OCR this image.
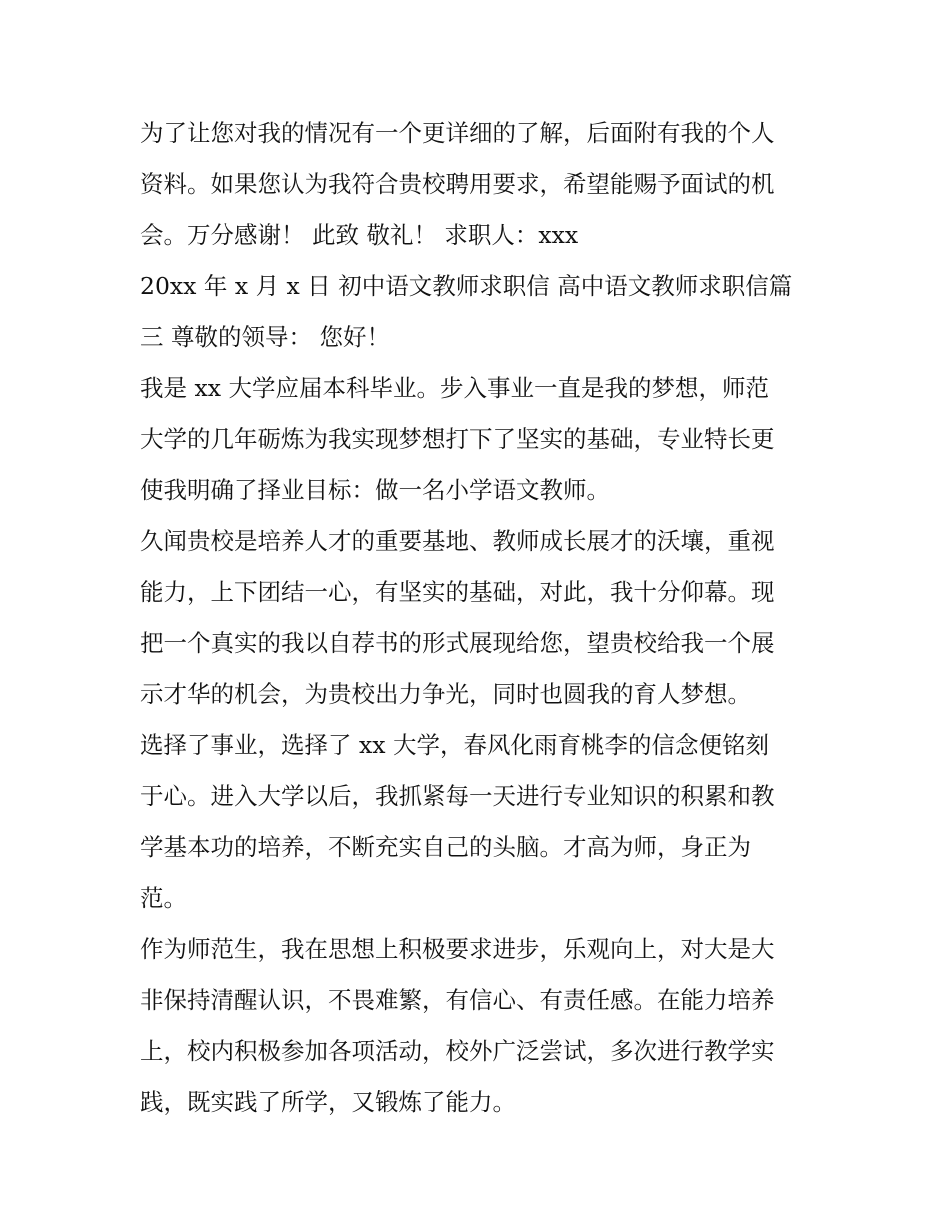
为了让您对我的情况有一个更详细的了解，后面附有我的个人
资料。如果您认为我符合贵校聘用要求，希望能赐予面试的机
会。万分感谢！ 此致 敬礼！ 求职人：xxx
20xx 年 x 月 x 日 初中语文教师求职信 高中语文教师求职信篇
三 尊敬的领导： 您好！
我是 xx 大学应届本科毕业。步入事业一直是我的梦想，师范
大学的几年砺炼为我实现梦想打下了坚实的基础，专业特长更
使我明确了择业目标：做一名小学语文教师。
久闻贵校是培养人才的重要基地、教师成长展才的沃壤，重视
能力，上下团结一心，有坚实的基础，对此，我十分仰幕。现
把一个真实的我以自荐书的形式展现给您，望贵校给我一个展
示才华的机会，为贵校出力争光，同时也圆我的育人梦想。
选择了事业，选择了 xx 大学，春风化雨育桃李的信念便铭刻
于心。进入大学以后，我抓紧每一天进行专业知识的积累和教
学基本功的培养，不断充实自己的头脑。才高为师，身正为
范。
作为师范生，我在思想上积极要求进步，乐观向上，对大是大
非保持清醒认识，不畏难繁，有信心、有责任感。在能力培养
上，校内积极参加各项活动，校外广泛尝试，多次进行教学实
践，既实践了所学，又锻炼了能力。
